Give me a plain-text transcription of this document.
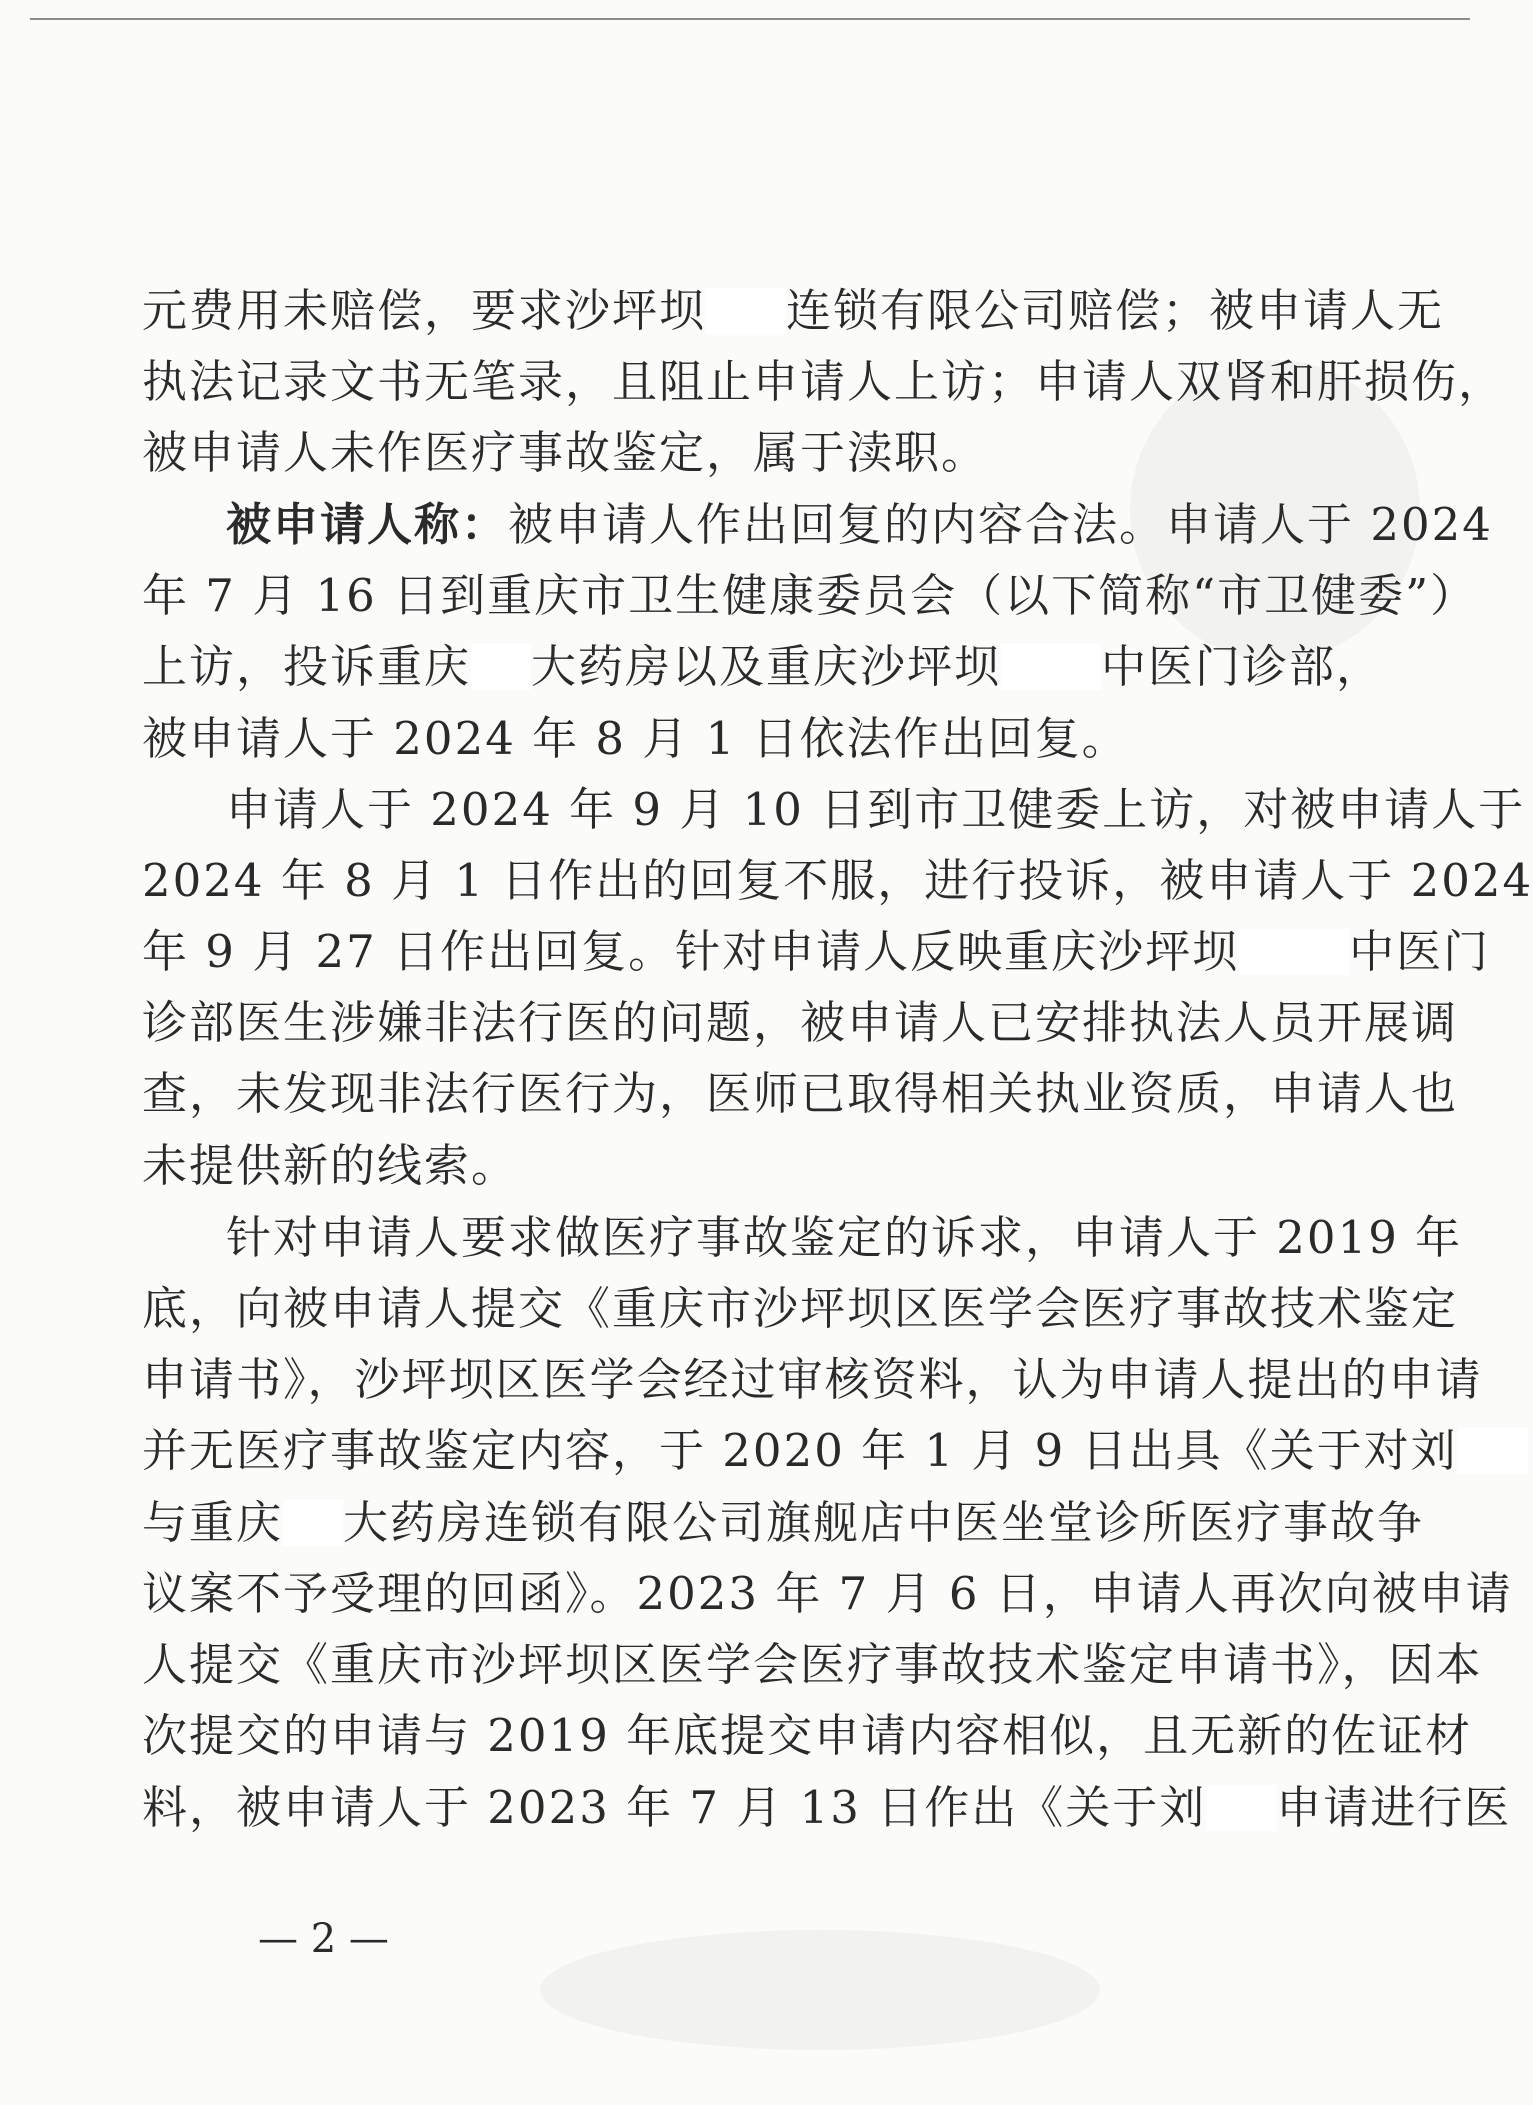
元费用未赔偿，要求沙坪坝 连锁有限公司赔偿；被申请人无
执法记录文书无笔录，且阻止申请人上访；申请人双肾和肝损伤，
被申请人未作医疗事故鉴定，属于渎职。
被申请人称：被申请人作出回复的内容合法。申请人于 2024
年 7 月 16 日到重庆市卫生健康委员会（以下简称“市卫健委”）
上访，投诉重庆 大药房以及重庆沙坪坝 中医门诊部，
被申请人于 2024 年 8 月 1 日依法作出回复。
申请人于 2024 年 9 月 10 日到市卫健委上访，对被申请人于
2024 年 8 月 1 日作出的回复不服，进行投诉，被申请人于 2024
年 9 月 27 日作出回复。针对申请人反映重庆沙坪坝 中医门
诊部医生涉嫌非法行医的问题，被申请人已安排执法人员开展调
查，未发现非法行医行为，医师已取得相关执业资质，申请人也
未提供新的线索。
针对申请人要求做医疗事故鉴定的诉求，申请人于 2019 年
底，向被申请人提交《重庆市沙坪坝区医学会医疗事故技术鉴定
申请书》，沙坪坝区医学会经过审核资料，认为申请人提出的申请
并无医疗事故鉴定内容，于 2020 年 1 月 9 日出具《关于对刘
与重庆 大药房连锁有限公司旗舰店中医坐堂诊所医疗事故争
议案不予受理的回函》。2023 年 7 月 6 日，申请人再次向被申请
人提交《重庆市沙坪坝区医学会医疗事故技术鉴定申请书》，因本
次提交的申请与 2019 年底提交申请内容相似，且无新的佐证材
料，被申请人于 2023 年 7 月 13 日作出《关于刘 申请进行医
— 2 —
